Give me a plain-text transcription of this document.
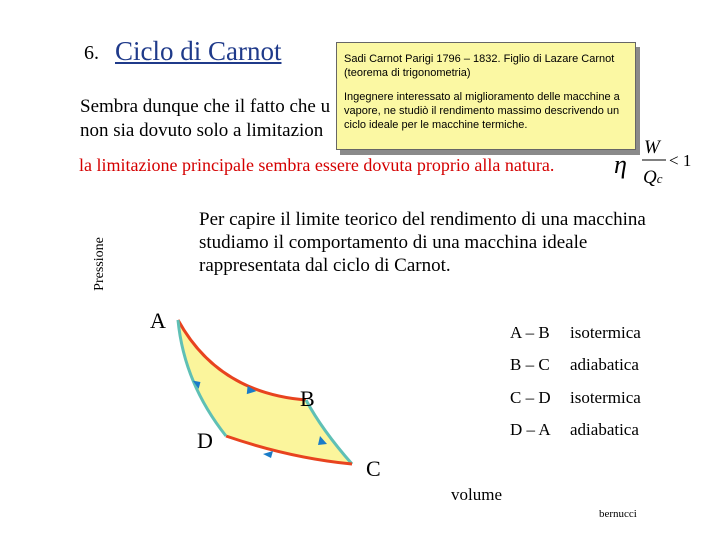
6. Ciclo di Carnot
Sembra dunque che il fatto che u
non sia dovuto solo a limitazion

Sadi Carnot Parigi 1796 – 1832. Figlio di Lazare Carnot (teorema di trigonometria)

Ingegnere interessato al miglioramento delle macchine a vapore, ne studiò il rendimento massimo descrivendo un ciclo ideale per le macchine termiche.

la limitazione principale sembra essere dovuta proprio alla natura. η
W
Qc
< 1
Per capire il limite teorico del rendimento di una macchina studiamo il comportamento di una macchina ideale rappresentata dal ciclo di Carnot.
Pressione
A
B
C
D
A – B isotermica
B – C adiabatica
C – D isotermica
D – A adiabatica
volume
bernucci
